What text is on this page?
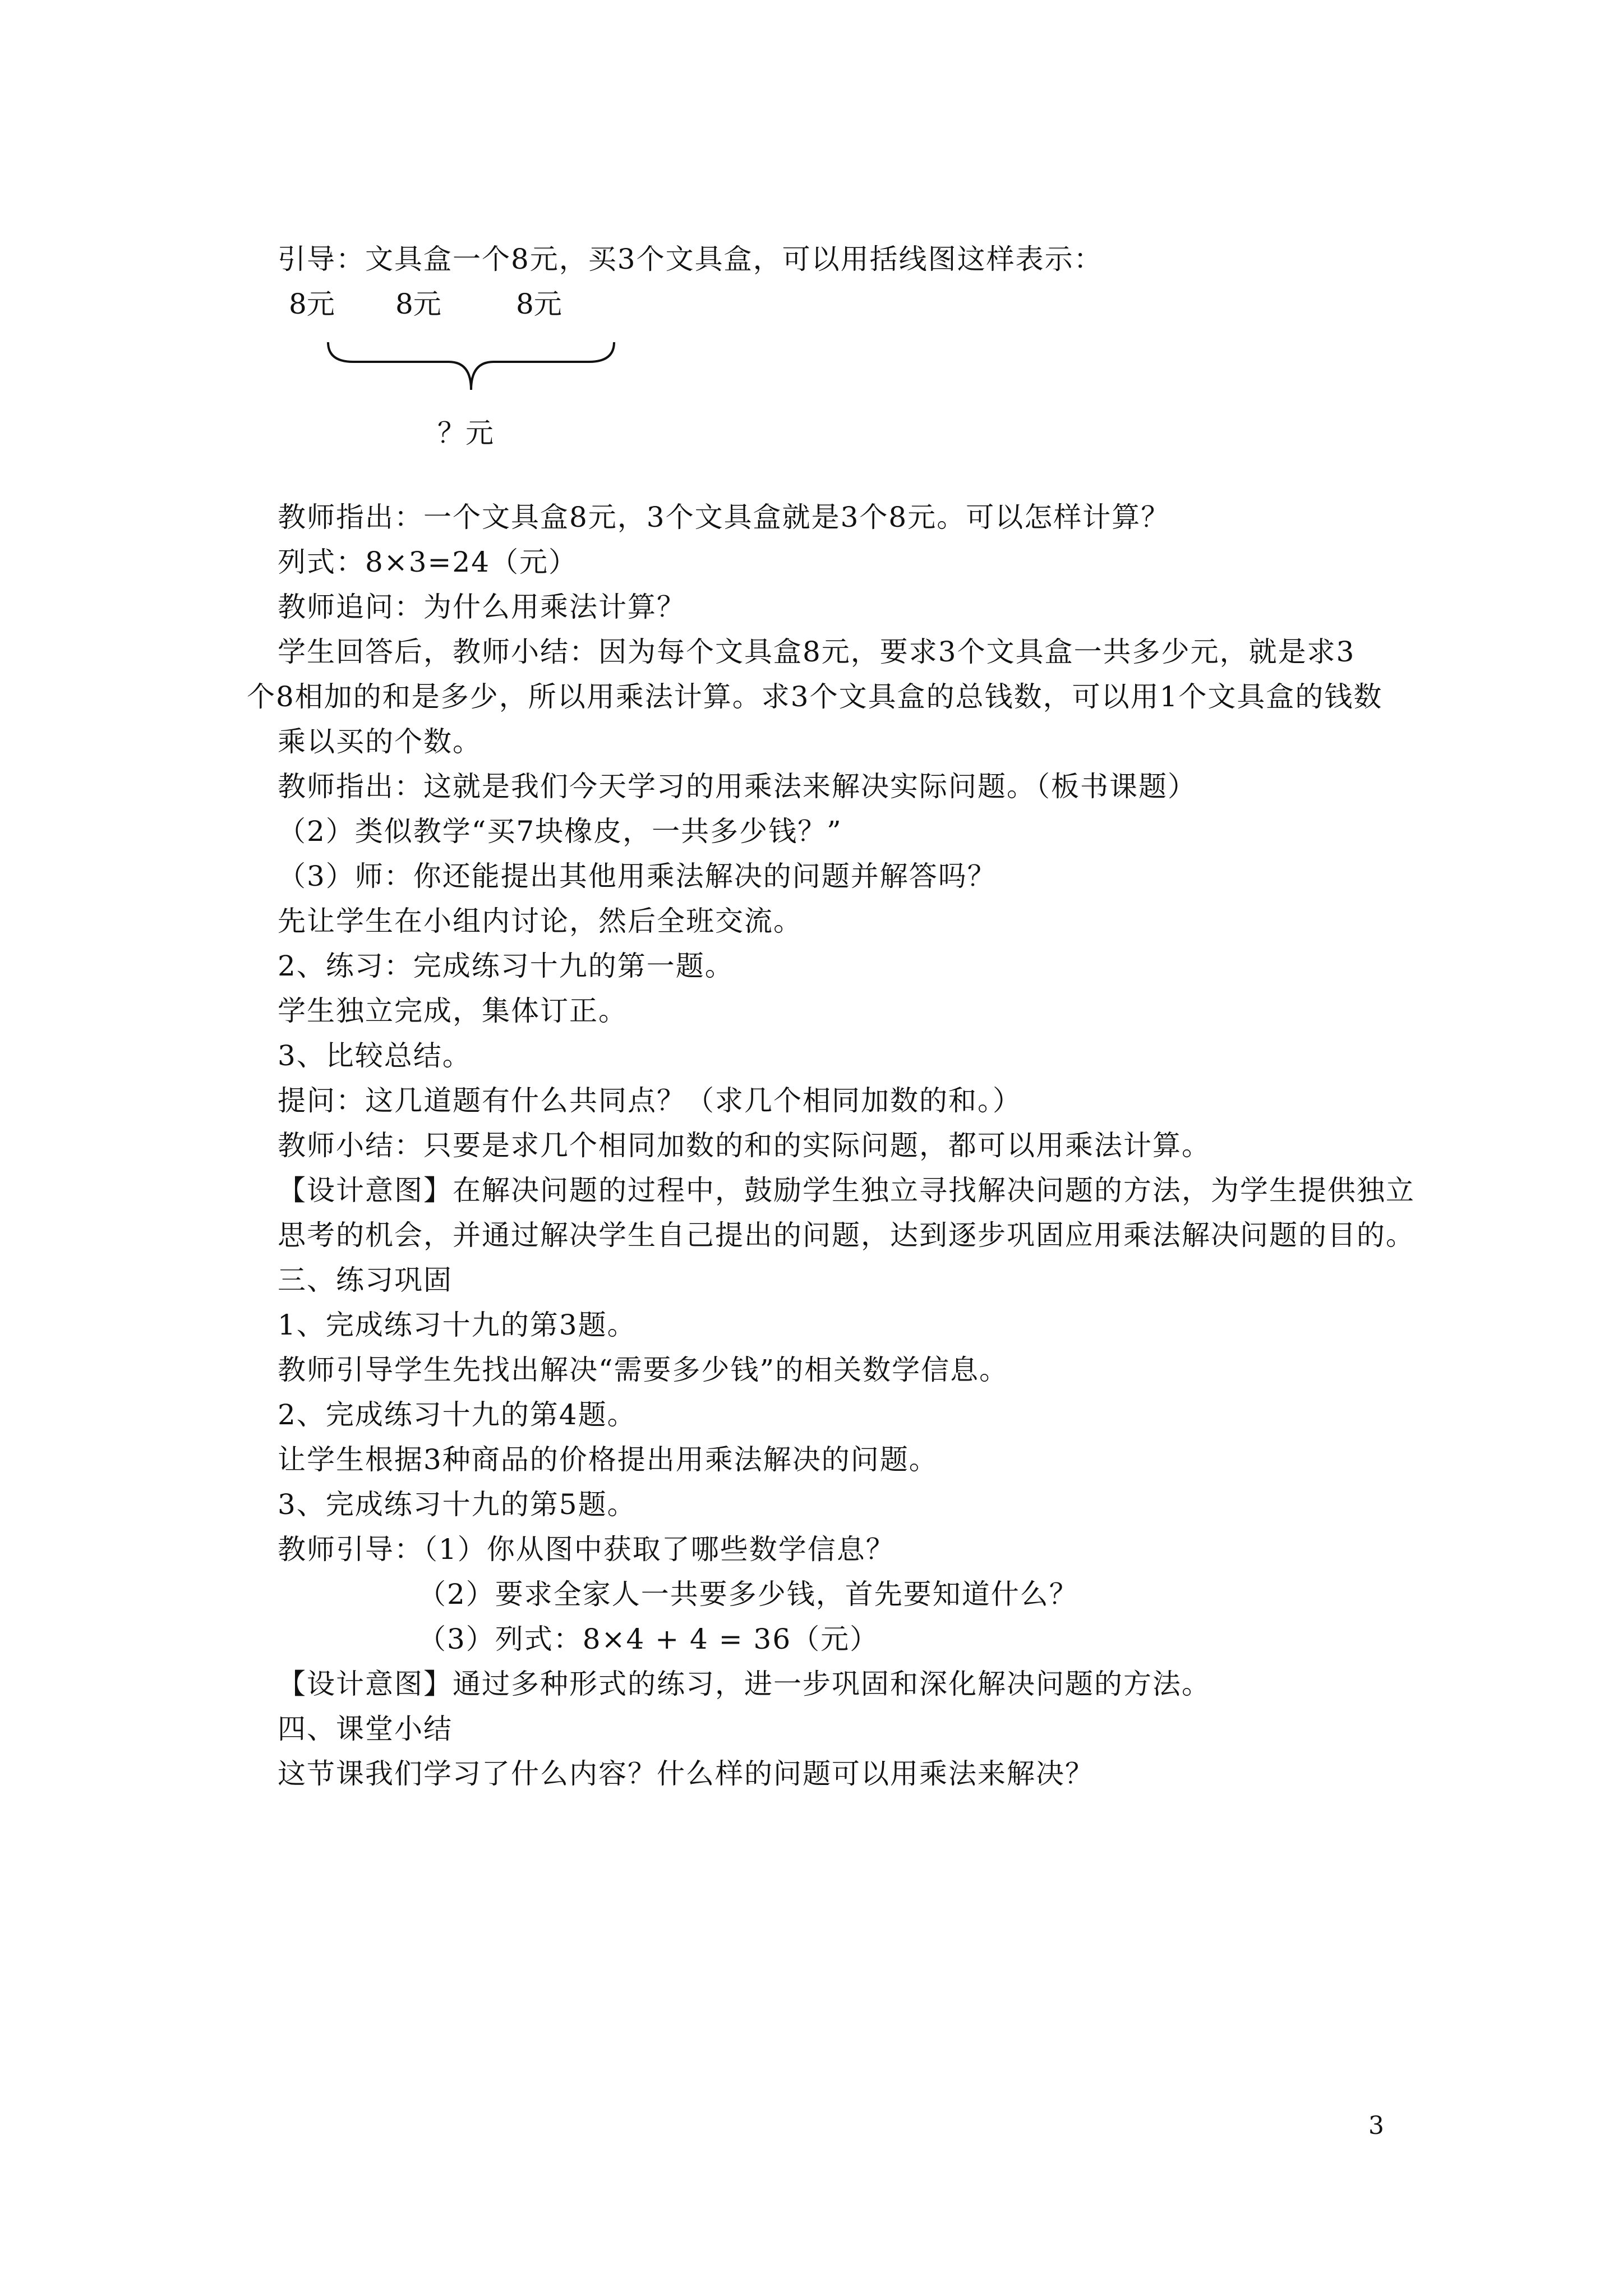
引导：文具盒一个8元，买3个文具盒，可以用括线图这样表示：
8元 8元	8元
？元
教师指出：一个文具盒8元，3个文具盒就是3个8元。可以怎样计算？
列式：8×3=24（元）
教师追问：为什么用乘法计算？
学生回答后，教师小结：因为每个文具盒8元，要求3个文具盒一共多少元，就是求3
个8相加的和是多少，所以用乘法计算。求3个文具盒的总钱数，可以用1个文具盒的钱数
乘以买的个数。
教师指出：这就是我们今天学习的用乘法来解决实际问题。（板书课题）
（2）类似教学“买7块橡皮，一共多少钱？”
（3）师：你还能提出其他用乘法解决的问题并解答吗？
先让学生在小组内讨论，然后全班交流。
2、练习：完成练习十九的第一题。
学生独立完成，集体订正。
3、比较总结。
提问：这几道题有什么共同点？（求几个相同加数的和。）
教师小结：只要是求几个相同加数的和的实际问题，都可以用乘法计算。
【设计意图】在解决问题的过程中，鼓励学生独立寻找解决问题的方法，为学生提供独立
思考的机会，并通过解决学生自己提出的问题，达到逐步巩固应用乘法解决问题的目的。
三、练习巩固
1、完成练习十九的第3题。
教师引导学生先找出解决“需要多少钱”的相关数学信息。
2、完成练习十九的第4题。
让学生根据3种商品的价格提出用乘法解决的问题。
3、完成练习十九的第5题。
教师引导：（1）你从图中获取了哪些数学信息？
（2）要求全家人一共要多少钱，首先要知道什么？
（3）列式：8×4 + 4 = 36（元）
【设计意图】通过多种形式的练习，进一步巩固和深化解决问题的方法。
四、课堂小结
这节课我们学习了什么内容？什么样的问题可以用乘法来解决？
3
